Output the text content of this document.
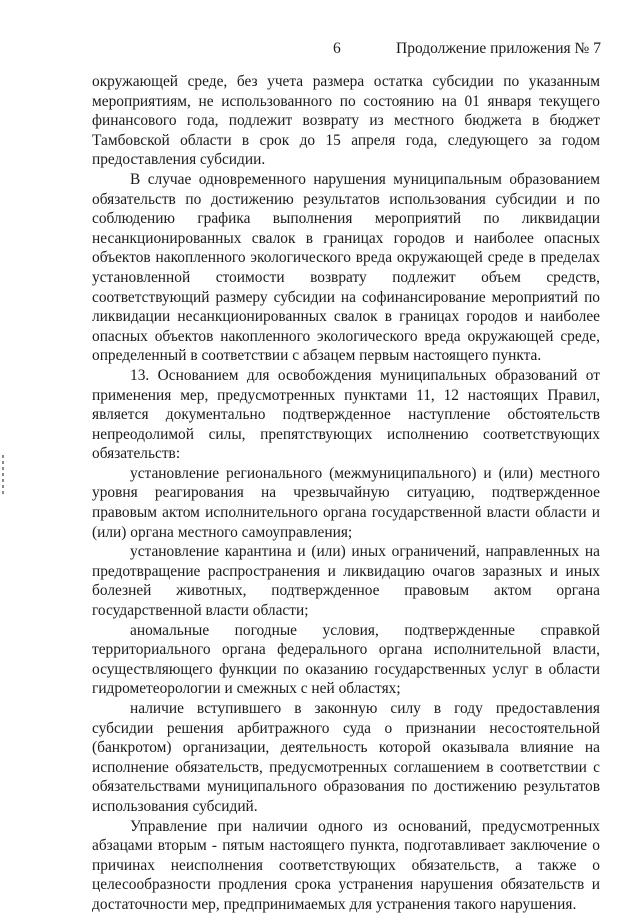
6	Продолжение приложения № 7

окружающей среде, без учета размера остатка субсидии по указанным мероприятиям, не использованного по состоянию на 01 января текущего финансового года, подлежит возврату из местного бюджета в бюджет Тамбовской области в срок до 15 апреля года, следующего за годом предоставления субсидии.

В случае одновременного нарушения муниципальным образованием обязательств по достижению результатов использования субсидии и по соблюдению графика выполнения мероприятий по ликвидации несанкционированных свалок в границах городов и наиболее опасных объектов накопленного экологического вреда окружающей среде в пределах установленной стоимости возврату подлежит объем средств, соответствующий размеру субсидии на софинансирование мероприятий по ликвидации несанкционированных свалок в границах городов и наиболее опасных объектов накопленного экологического вреда окружающей среде, определенный в соответствии с абзацем первым настоящего пункта.

13. Основанием для освобождения муниципальных образований от применения мер, предусмотренных пунктами 11, 12 настоящих Правил, является документально подтвержденное наступление обстоятельств непреодолимой силы, препятствующих исполнению соответствующих обязательств:

установление регионального (межмуниципального) и (или) местного уровня реагирования на чрезвычайную ситуацию, подтвержденное правовым актом исполнительного органа государственной власти области и (или) органа местного самоуправления;

установление карантина и (или) иных ограничений, направленных на предотвращение распространения и ликвидацию очагов заразных и иных болезней животных, подтвержденное правовым актом органа государственной власти области;

аномальные погодные условия, подтвержденные справкой территориального органа федерального органа исполнительной власти, осуществляющего функции по оказанию государственных услуг в области гидрометеорологии и смежных с ней областях;

наличие вступившего в законную силу в году предоставления субсидии решения арбитражного суда о признании несостоятельной (банкротом) организации, деятельность которой оказывала влияние на исполнение обязательств, предусмотренных соглашением в соответствии с обязательствами муниципального образования по достижению результатов использования субсидий.

Управление при наличии одного из оснований, предусмотренных абзацами вторым - пятым настоящего пункта, подготавливает заключение о причинах неисполнения соответствующих обязательств, а также о целесообразности продления срока устранения нарушения обязательств и достаточности мер, предпринимаемых для устранения такого нарушения.
